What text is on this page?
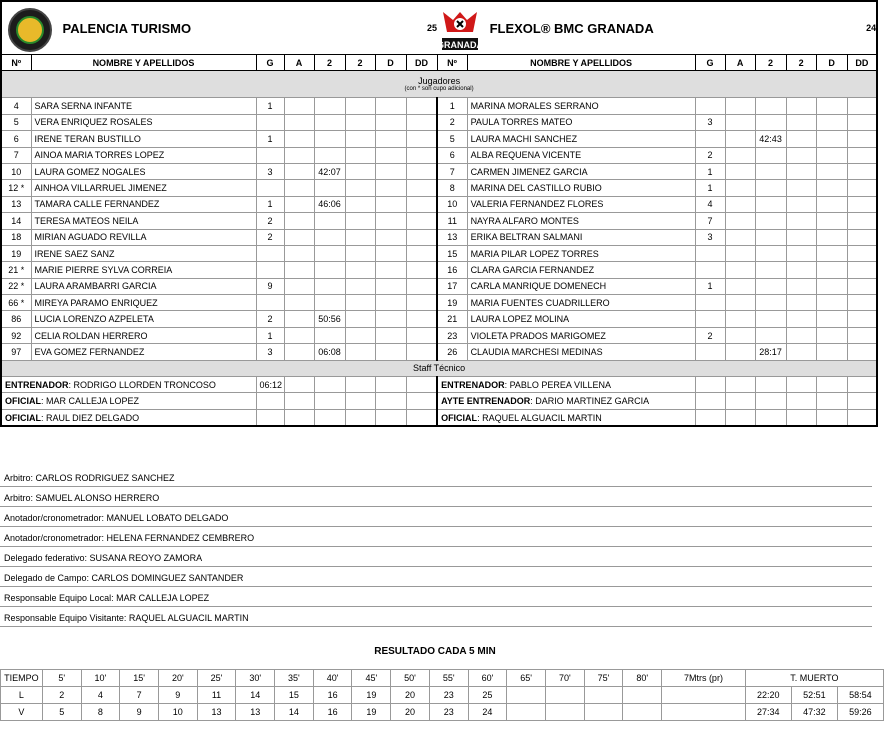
PALENCIA TURISMO						25		GRANADA
FLEXOL® BMC GRANADA						24	
Nº	NOMBRE Y APELLIDOS	G	A	2	2	D	DD	Nº	NOMBRE Y APELLIDOS	G	A	2	2	D	DD
Jugadores
(con * son cupo adicional)															

4	SARA SERNA INFANTE	1						1	MARINA MORALES SERRANO						
5	VERA ENRIQUEZ ROSALES							2	PAULA TORRES MATEO	3					
6	IRENE TERAN BUSTILLO	1						5	LAURA MACHI SANCHEZ			42:43			
7	AINOA MARIA TORRES LOPEZ							6	ALBA REQUENA VICENTE	2					
10	LAURA GOMEZ NOGALES	3		42:07				7	CARMEN JIMENEZ GARCIA	1					
12 *	AINHOA VILLARRUEL JIMENEZ							8	MARINA DEL CASTILLO RUBIO	1					
13	TAMARA CALLE FERNANDEZ	1		46:06				10	VALERIA FERNANDEZ FLORES	4					
14	TERESA MATEOS NEILA	2						11	NAYRA ALFARO MONTES	7					
18	MIRIAN AGUADO REVILLA	2						13	ERIKA BELTRAN SALMANI	3					
19	IRENE SAEZ SANZ							15	MARIA PILAR LOPEZ TORRES						
21 *	MARIE PIERRE SYLVA CORREIA							16	CLARA GARCIA FERNANDEZ						
22 *	LAURA ARAMBARRI GARCIA	9						17	CARLA MANRIQUE DOMENECH	1					
66 *	MIREYA PARAMO ENRIQUEZ							19	MARIA FUENTES CUADRILLERO						
86	LUCIA LORENZO AZPELETA	2		50:56				21	LAURA LOPEZ MOLINA						
92	CELIA ROLDAN HERRERO	1						23	VIOLETA PRADOS MARIGOMEZ	2					
97	EVA GOMEZ FERNANDEZ	3		06:08				26	CLAUDIA MARCHESI MEDINAS			28:17			
Staff Técnico															
ENTRENADOR: RODRIGO LLORDEN TRONCOSO		06:12						ENTRENADOR: PABLO PEREA VILLENA							
OFICIAL: MAR CALLEJA LOPEZ								AYTE ENTRENADOR: DARIO MARTINEZ GARCIA							
OFICIAL: RAUL DIEZ DELGADO								OFICIAL: RAQUEL ALGUACIL MARTIN							
Arbitro: CARLOS RODRIGUEZ SANCHEZ
Arbitro: SAMUEL ALONSO HERRERO
Anotador/cronometrador: MANUEL LOBATO DELGADO
Anotador/cronometrador: HELENA FERNANDEZ CEMBRERO
Delegado federativo: SUSANA REOYO ZAMORA
Delegado de Campo: CARLOS DOMINGUEZ SANTANDER
Responsable Equipo Local: MAR CALLEJA LOPEZ
Responsable Equipo Visitante: RAQUEL ALGUACIL MARTIN
RESULTADO CADA 5 MIN
TIEMPO	5'	10'	15'	20'	25'	30'	35'	40'	45'	50'	55'	60'	65'	70'	75'	80'	7Mtrs (pr)	T. MUERTO		
L	2	4	7	9	11	14	15	16	19	20	23	25						22:20	52:51	58:54
V	5	8	9	10	13	13	14	16	19	20	23	24						27:34	47:32	59:26
